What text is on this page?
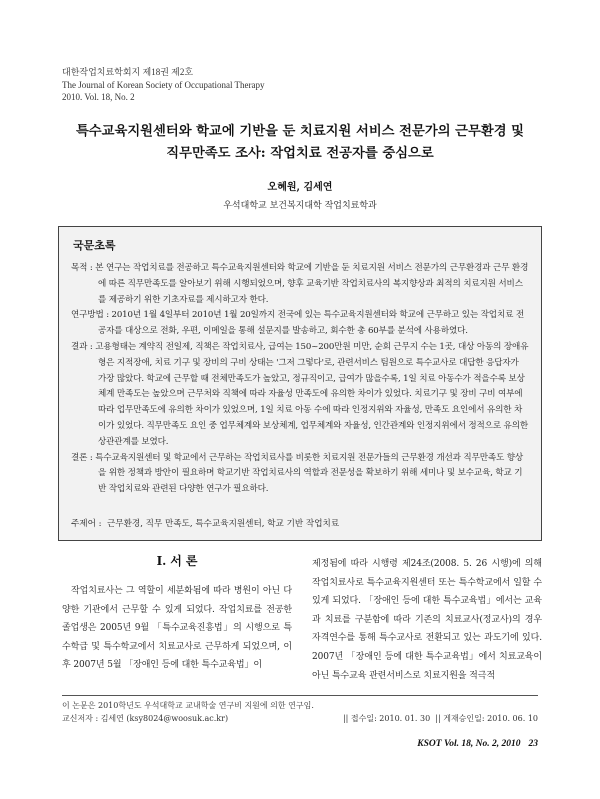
대한작업치료학회지 제18권 제2호
The Journal of Korean Society of Occupational Therapy
2010. Vol. 18, No. 2
특수교육지원센터와 학교에 기반을 둔 치료지원 서비스 전문가의 근무환경 및
직무만족도 조사: 작업치료 전공자를 중심으로
오혜원, 김세연
우석대학교 보건복지대학 작업치료학과
국문초록
목적 : 본 연구는 작업치료를 전공하고 특수교육지원센터와 학교에 기반을 둔 치료지원 서비스 전문가의 근무환경과 근무 환경에 따른 직무만족도를 알아보기 위해 시행되었으며, 향후 교육기반 작업치료사의 복지향상과 최적의 치료지원 서비스를 제공하기 위한 기초자료를 제시하고자 한다.
연구방법 : 2010년 1월 4일부터 2010년 1월 20일까지 전국에 있는 특수교육지원센터와 학교에 근무하고 있는 작업치료 전공자를 대상으로 전화, 우편, 이메일을 통해 설문지를 발송하고, 회수한 총 60부를 분석에 사용하였다.
결과 : 고용형태는 계약직 전일제, 직책은 작업치료사, 급여는 150~200만원 미만, 순회 근무지 수는 1곳, 대상 아동의 장애유형은 지적장애, 치료 기구 및 장비의 구비 상태는 '그저 그렇다'로, 관련서비스 팀원으로 특수교사로 대답한 응답자가 가장 많았다. 학교에 근무할 때 전체만족도가 높았고, 정규직이고, 급여가 많을수록, 1일 치료 아동수가 적을수록 보상체계 만족도는 높았으며 근무처와 직책에 따라 자율성 만족도에 유의한 차이가 있었다. 치료기구 및 장비 구비 여부에 따라 업무만족도에 유의한 차이가 있었으며, 1일 치료 아동 수에 따라 인정지위와 자율성, 만족도 요인에서 유의한 차이가 있었다. 직무만족도 요인 중 업무체계와 보상체계, 업무체계와 자율성, 인간관계와 인정지위에서 정적으로 유의한 상관관계를 보였다.
결론 : 특수교육지원센터 및 학교에서 근무하는 작업치료사를 비롯한 치료지원 전문가들의 근무환경 개선과 직무만족도 향상을 위한 정책과 방안이 필요하며 학교기반 작업치료사의 역할과 전문성을 확보하기 위해 세미나 및 보수교육, 학교 기반 작업치료와 관련된 다양한 연구가 필요하다.
주제어 :  근무환경, 직무 만족도, 특수교육지원센터, 학교 기반 작업치료
Ⅰ. 서 론

작업치료사는 그 역할이 세분화됨에 따라 병원이 아닌 다양한 기관에서 근무할 수 있게 되었다. 작업치료를 전공한 졸업생은 2005년 9월 「특수교육진흥법」의 시행으로 특수학급 및 특수학교에서 치료교사로 근무하게 되었으며, 이후 2007년 5월 「장애인 등에 대한 특수교육법」이

제정됨에 따라 시행령 제24조(2008. 5. 26 시행)에 의해 작업치료사로 특수교육지원센터 또는 특수학교에서 일할 수 있게 되었다. 「장애인 등에 대한 특수교육법」에서는 교육과 치료를 구분함에 따라 기존의 치료교사(정교사)의 경우 자격연수를 통해 특수교사로 전환되고 있는 과도기에 있다. 2007년 「장애인 등에 대한 특수교육법」에서 치료교육이 아닌 특수교육 관련서비스로 치료지원을 적극적

이 논문은 2010학년도 우석대학교 교내학술 연구비 지원에 의한 연구임.
교신저자 : 김세연 (ksy8024@woosuk.ac.kr)	|| 접수일: 2010. 01. 30 || 게재승인일: 2010. 06. 10
KSOT Vol. 18, No. 2, 2010 23
